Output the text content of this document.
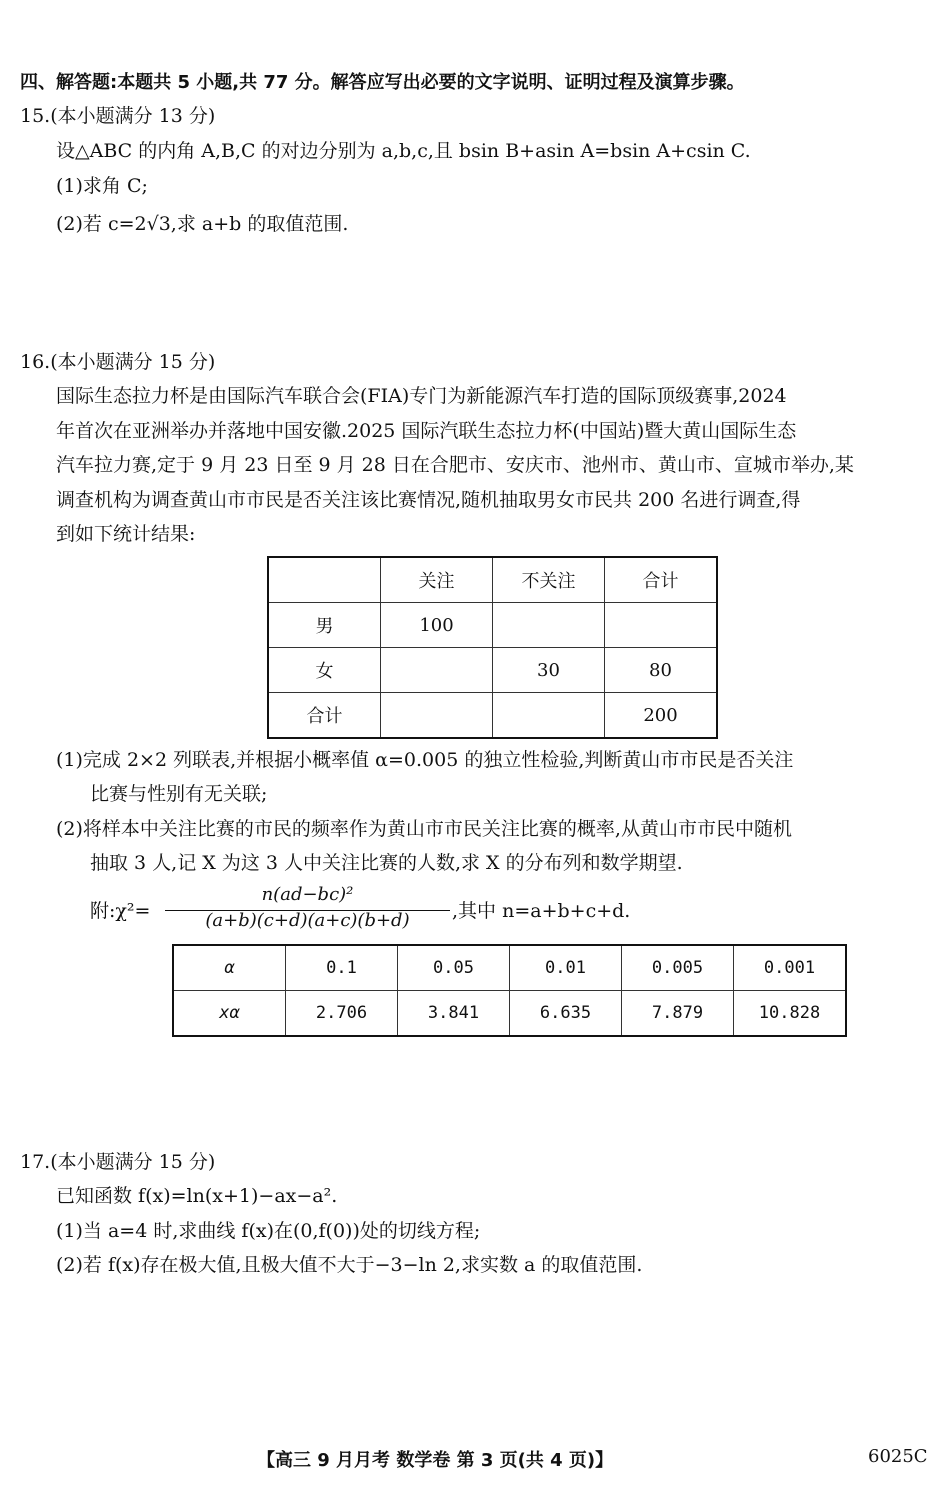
四、解答题:本题共 5 小题,共 77 分。解答应写出必要的文字说明、证明过程及演算步骤。
15.(本小题满分 13 分)
设△ABC 的内角 A,B,C 的对边分别为 a,b,c,且 bsin B+asin A=bsin A+csin C.
(1)求角 C;
(2)若 c=2√3,求 a+b 的取值范围.
16.(本小题满分 15 分)
国际生态拉力杯是由国际汽车联合会(FIA)专门为新能源汽车打造的国际顶级赛事,2024
年首次在亚洲举办并落地中国安徽.2025 国际汽联生态拉力杯(中国站)暨大黄山国际生态
汽车拉力赛,定于 9 月 23 日至 9 月 28 日在合肥市、安庆市、池州市、黄山市、宣城市举办,某
调查机构为调查黄山市市民是否关注该比赛情况,随机抽取男女市民共 200 名进行调查,得
到如下统计结果:
	关注	不关注	合计
男	100		
女		30	80
合计			200
(1)完成 2×2 列联表,并根据小概率值 α=0.005 的独立性检验,判断黄山市市民是否关注
比赛与性别有无关联;
(2)将样本中关注比赛的市民的频率作为黄山市市民关注比赛的概率,从黄山市市民中随机
抽取 3 人,记 X 为这 3 人中关注比赛的人数,求 X 的分布列和数学期望.
附:χ²=
n(ad−bc)²
(a+b)(c+d)(a+c)(b+d)	,其中 n=a+b+c+d.
α	0.1	0.05	0.01	0.005	0.001
xα	2.706	3.841	6.635	7.879	10.828
17.(本小题满分 15 分)
已知函数 f(x)=ln(x+1)−ax−a².
(1)当 a=4 时,求曲线 f(x)在(0,f(0))处的切线方程;
(2)若 f(x)存在极大值,且极大值不大于−3−ln 2,求实数 a 的取值范围.
【高三 9 月月考 数学卷 第 3 页(共 4 页)】	6025C
